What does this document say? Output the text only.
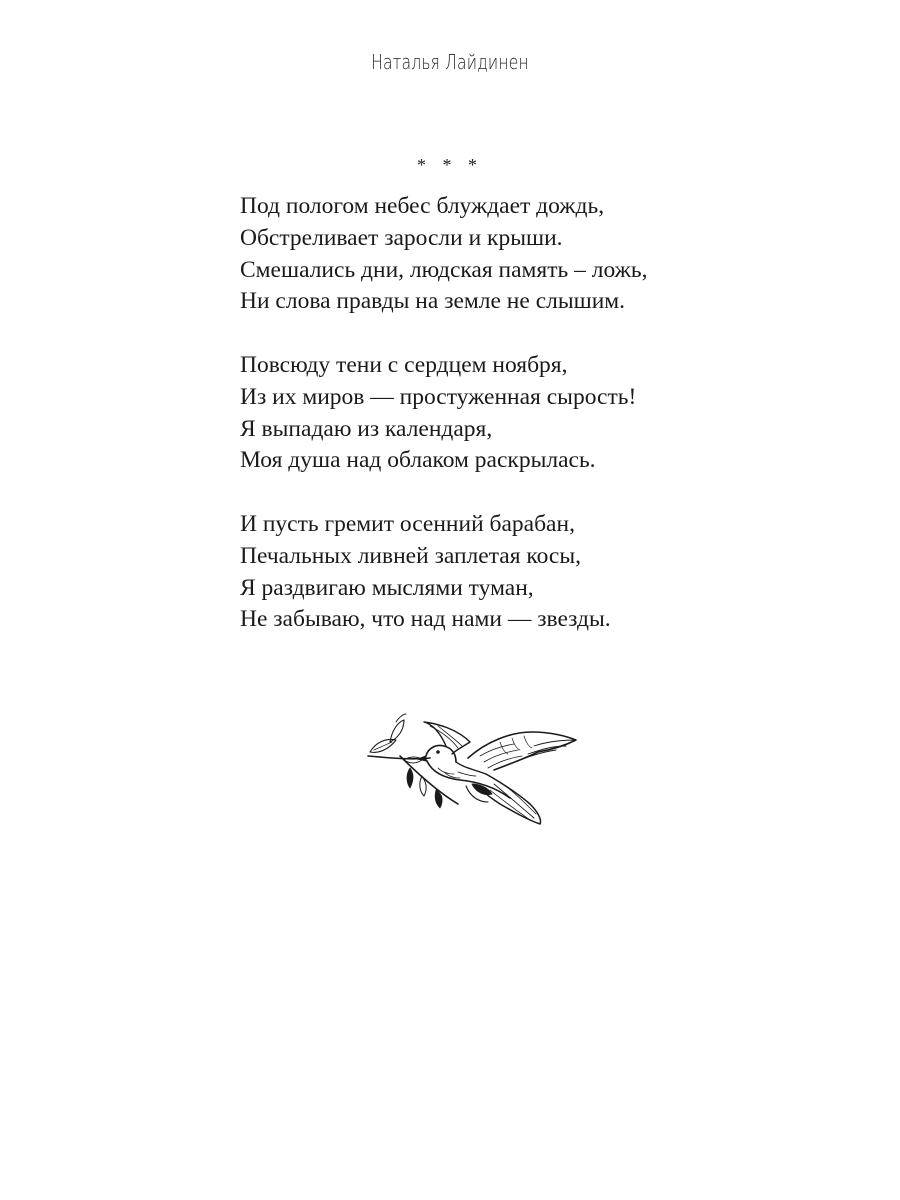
Наталья Лайдинен
* * *
Под пологом небес блуждает дождь,
Обстреливает заросли и крыши.
Смешались дни, людская память – ложь,
Ни слова правды на земле не слышим.
Повсюду тени с сердцем ноября,
Из их миров — простуженная сырость!
Я выпадаю из календаря,
Моя душа над облаком раскрылась.
И пусть гремит осенний барабан,
Печальных ливней заплетая косы,
Я раздвигаю мыслями туман,
Не забываю, что над нами — звезды.
